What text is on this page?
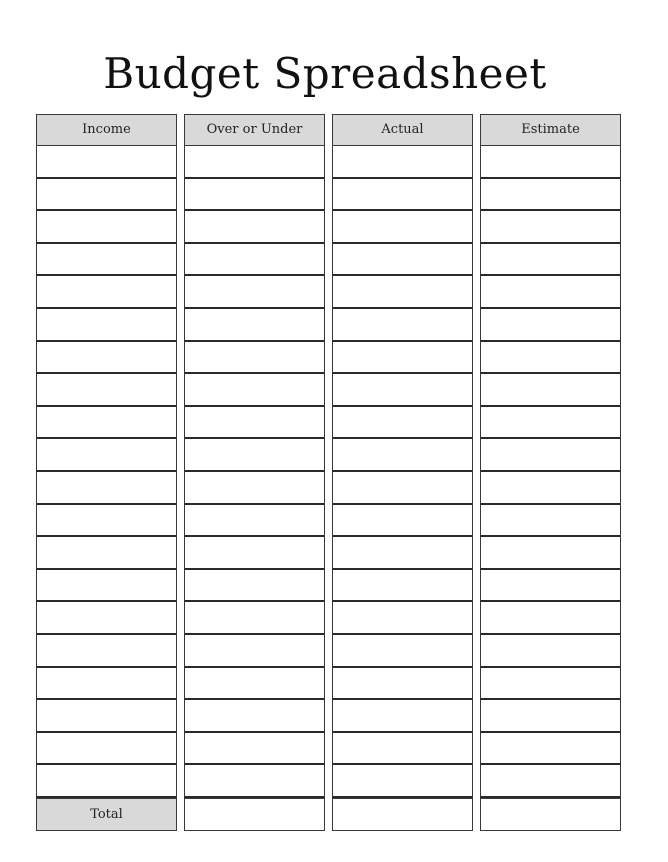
Budget Spreadsheet
Income
Total
Over or Under	Actual	Estimate
